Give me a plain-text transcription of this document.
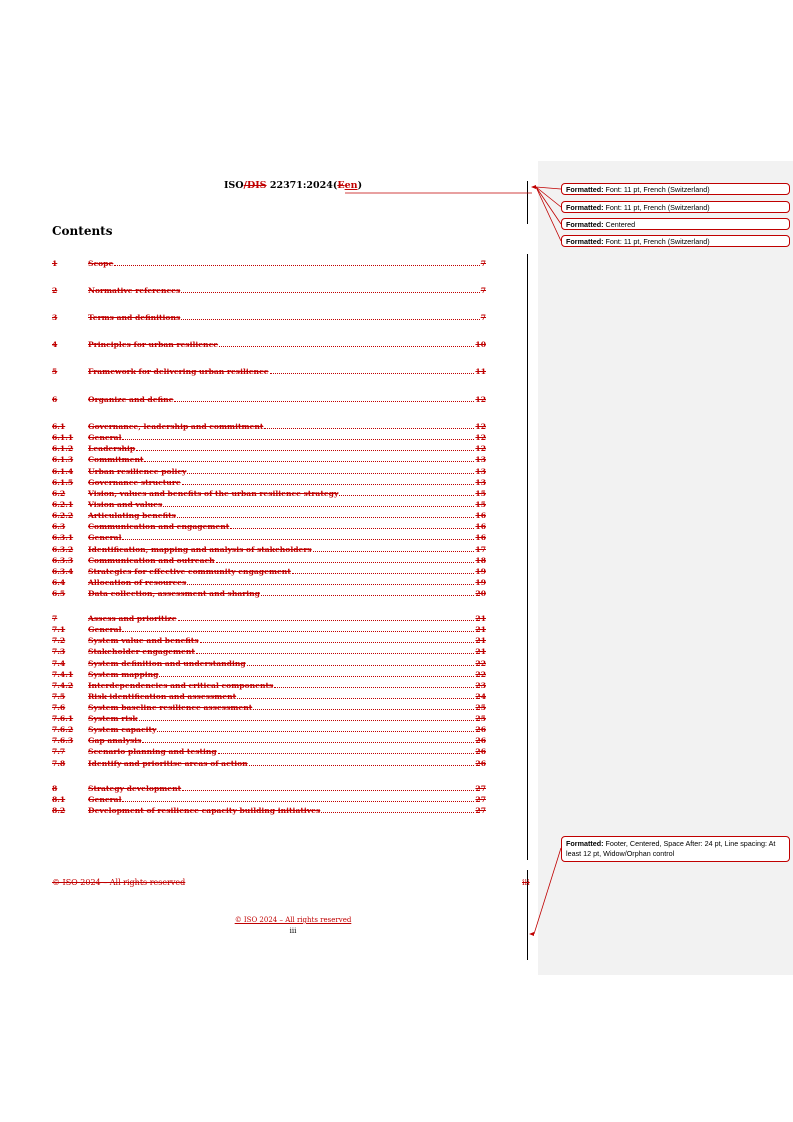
ISO/DIS 22371:2024(Een)
Contents
1	Scope	7
2	Normative references	7
3	Terms and definitions	7
4	Principles for urban resilience	10
5	Framework for delivering urban resilience	11
6	Organize and define	12
6.1	Governance, leadership and commitment	12
6.1.1	General	12
6.1.2	Leadership	12
6.1.3	Commitment	13
6.1.4	Urban resilience policy	13
6.1.5	Governance structure	13
6.2	Vision, values and benefits of the urban resilience strategy	15
6.2.1	Vision and values	15
6.2.2	Articulating benefits	16
6.3	Communication and engagement	16
6.3.1	General	16
6.3.2	Identification, mapping and analysis of stakeholders	17
6.3.3	Communication and outreach	18
6.3.4	Strategies for effective community engagement	19
6.4	Allocation of resources	19
6.5	Data collection, assessment and sharing	20
7	Assess and prioritize	21
7.1	General	21
7.2	System value and benefits	21
7.3	Stakeholder engagement	21
7.4	System definition and understanding	22
7.4.1	System mapping	22
7.4.2	Interdependencies and critical components	23
7.5	Risk identification and assessment	24
7.6	System baseline resilience assessment	25
7.6.1	System risk	25
7.6.2	System capacity	26
7.6.3	Gap analysis	26
7.7	Scenario planning and testing	26
7.8	Identify and prioritise areas of action	26
8	Strategy development	27
8.1	General	27
8.2	Development of resilience capacity building initiatives	27
© ISO 2024 – All rights reserved	iii
© ISO 2024 – All rights reserved
iii
Formatted: Font: 11 pt, French (Switzerland)
Formatted: Font: 11 pt, French (Switzerland)
Formatted: Centered
Formatted: Font: 11 pt, French (Switzerland)
Formatted: Footer, Centered, Space After: 24 pt, Line spacing: At least 12 pt, Widow/Orphan control
